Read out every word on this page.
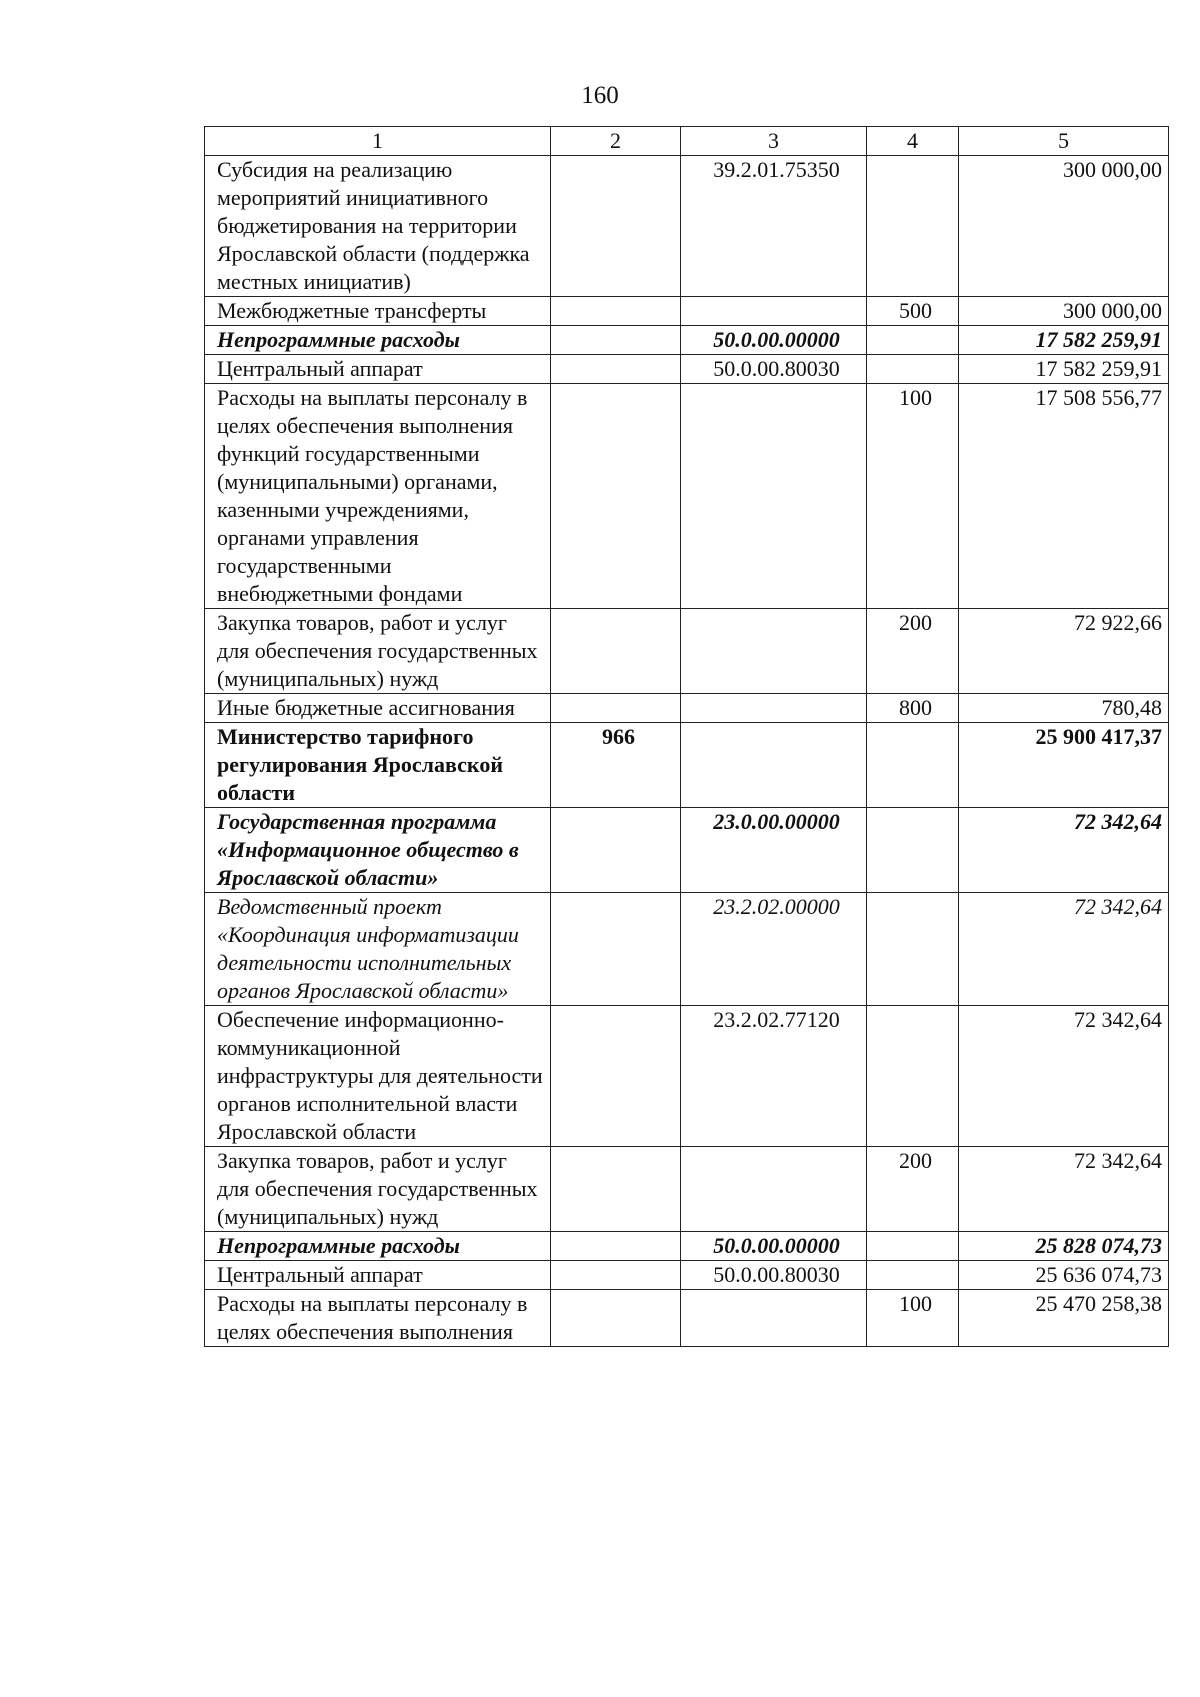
160
1	2	3	4	5
Субсидия на реализацию мероприятий инициативного бюджетирования на территории Ярославской области (поддержка местных инициатив)		39.2.01.75350		300 000,00
Межбюджетные трансферты			500	300 000,00
Непрограммные расходы		50.0.00.00000		17 582 259,91
Центральный аппарат		50.0.00.80030		17 582 259,91
Расходы на выплаты персоналу в целях обеспечения выполнения функций государственными (муниципальными) органами, казенными учреждениями, органами управления государственными внебюджетными фондами			100	17 508 556,77
Закупка товаров, работ и услуг для обеспечения государственных (муниципальных) нужд			200	72 922,66
Иные бюджетные ассигнования			800	780,48
Министерство тарифного регулирования Ярославской области	966			25 900 417,37
Государственная программа «Информационное общество в Ярославской области»		23.0.00.00000		72 342,64
Ведомственный проект «Координация информатизации деятельности исполнительных органов Ярославской области»		23.2.02.00000		72 342,64
Обеспечение информационно-коммуникационной инфраструктуры для деятельности органов исполнительной власти Ярославской области		23.2.02.77120		72 342,64
Закупка товаров, работ и услуг для обеспечения государственных (муниципальных) нужд			200	72 342,64
Непрограммные расходы		50.0.00.00000		25 828 074,73
Центральный аппарат		50.0.00.80030		25 636 074,73
Расходы на выплаты персоналу в целях обеспечения выполнения			100	25 470 258,38
